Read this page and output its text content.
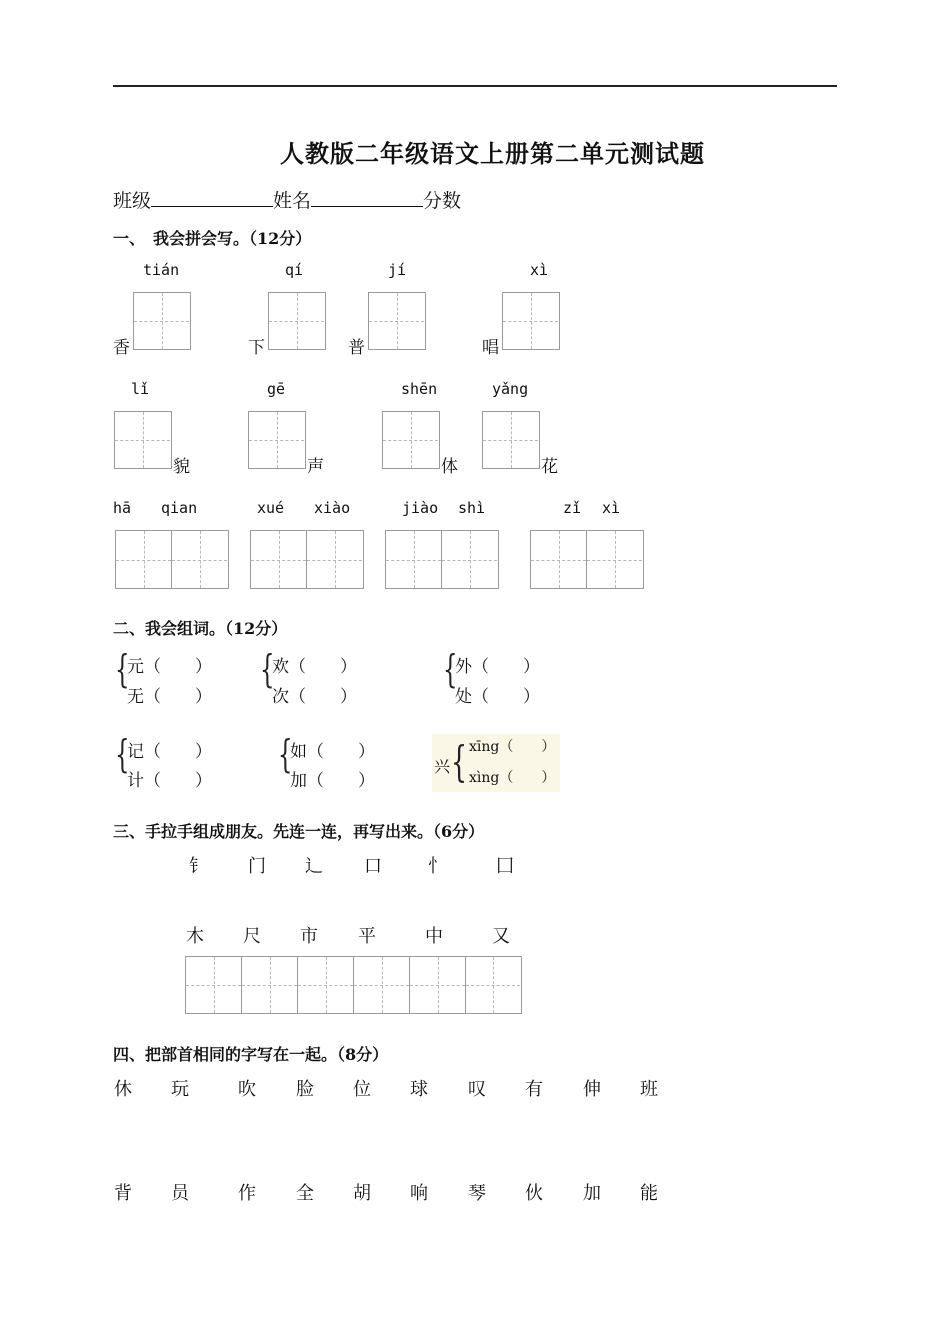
人教版二年级语文上册第二单元测试题
班级	姓名	分数
一、　我会拼会写。（12分）
tián	qí	jí	xì
香	下	普	唱
lǐ	gē	shēn	yǎng
貌	声	体	花
hā qian	xué xiào	jiào shì	zǐ xì
二、我会组词。（12分）
{
元（　　）
无（　　）
{
欢（　　）
次（　　）
{
外（　　）
处（　　）
{
记（　　）
计（　　）
{
如（　　）
加（　　）
兴 { xīng（　　）
xìng（　　）
三、手拉手组成朋友。先连一连，再写出来。（6分）
钅 门 辶 口	忄	囗
木 尺 市 平	中	又
四、把部首相同的字写在一起。（8分）
休 玩	吹 脸 位 球 叹 有 伸 班
背 员	作 全 胡 响 琴 伙 加 能
